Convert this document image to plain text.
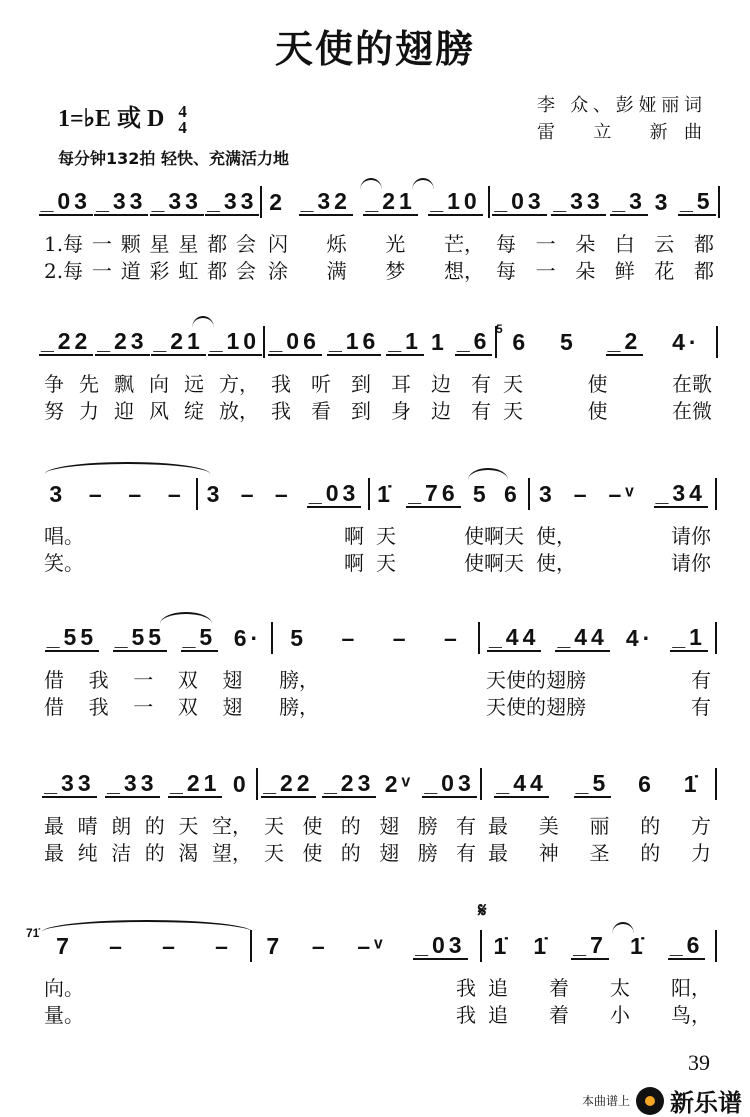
天使的翅膀
1=♭E 或 D 4
4
李 众、彭娅丽词
雷 立 新曲
每分钟132拍 轻快、充满活力地
_03 _33 _33 _33 2 _32 _21 _10 _03 _33 _3 3 _5
1.每 一 颗 星 星 都 会 闪 烁 光 芒， 每 一 朵 白 云 都
2.每 一 道 彩 虹 都 会 涂 满 梦 想， 每 一 朵 鲜 花 都
_22 _23 _21 _10 _06 _16 _1 1 _6 6 5 _2 4·
5
争 先 飘 向 远 方， 我 听 到 耳 边 有 天	使	在歌
努 力 迎 风 绽 放， 我 看 到 身 边 有 天	使	在微
3 – – – 3 – – _03 1̇ _76 5 6 3 – –ᵛ _34
唱。	啊 天	使啊天 使，	请你
笑。	啊 天	使啊天 使，	请你
_55 _55 _5 6· 5 – – – _44 _44 4· _1
借 我 一 双 翅 膀，	天使的翅膀	有
借 我 一 双 翅 膀，	天使的翅膀	有
_33 _33 _21 0 _22 _23 2ᵛ _03 _44 _5 6 1̇
最 晴 朗 的 天 空， 天 使 的 翅 膀 有 最 美 丽 的 方
最 纯 洁 的 渴 望， 天 使 的 翅 膀 有 最 神 圣 的 力
7 – – – 7 – –ᵛ _03 1̇ 1̇ _7 1̇ _6
71̇
𝄋
向。	我 追 着 太 阳，
量。	我 追 着 小 鸟，
39
本曲谱上 新乐谱
